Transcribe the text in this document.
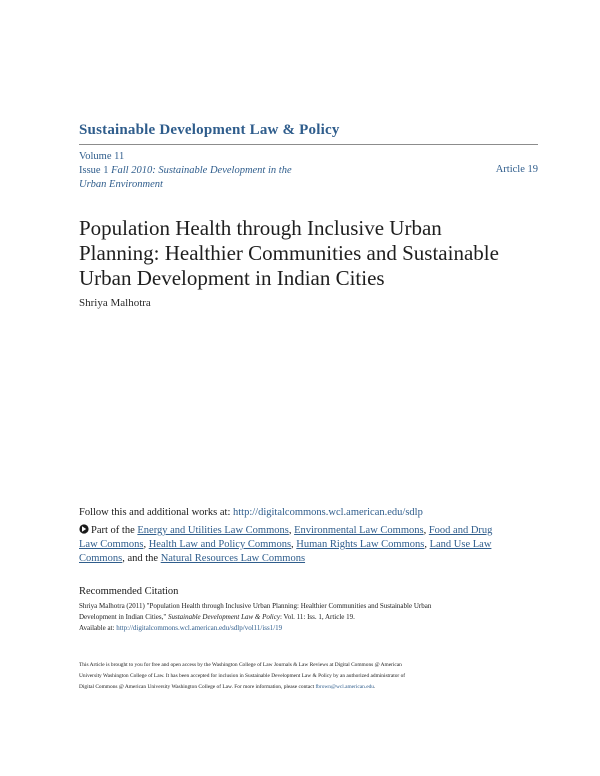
Sustainable Development Law & Policy
Volume 11
Issue 1 Fall 2010: Sustainable Development in the
Urban Environment
Article 19
Population Health through Inclusive Urban
Planning: Healthier Communities and Sustainable
Urban Development in Indian Cities
Shriya Malhotra
Follow this and additional works at: http://digitalcommons.wcl.american.edu/sdlp
Part of the Energy and Utilities Law Commons, Environmental Law Commons, Food and Drug
Law Commons, Health Law and Policy Commons, Human Rights Law Commons, Land Use Law
Commons, and the Natural Resources Law Commons
Recommended Citation
Shriya Malhotra (2011) "Population Health through Inclusive Urban Planning: Healthier Communities and Sustainable Urban
Development in Indian Cities," Sustainable Development Law & Policy: Vol. 11: Iss. 1, Article 19.
Available at: http://digitalcommons.wcl.american.edu/sdlp/vol11/iss1/19
This Article is brought to you for free and open access by the Washington College of Law Journals & Law Reviews at Digital Commons @ American
University Washington College of Law. It has been accepted for inclusion in Sustainable Development Law & Policy by an authorized administrator of
Digital Commons @ American University Washington College of Law. For more information, please contact fbrown@wcl.american.edu.
